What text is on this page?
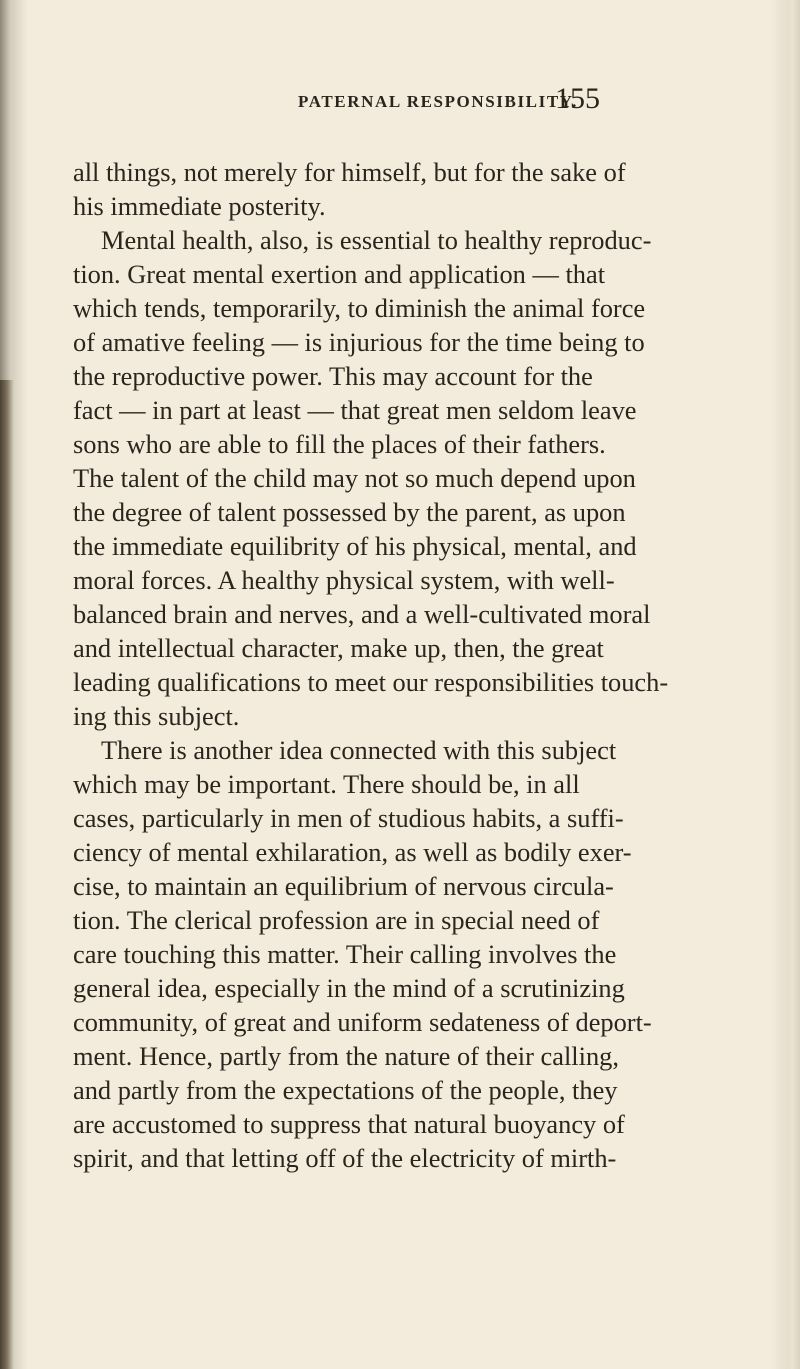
PATERNAL RESPONSIBILITY.
155
all things, not merely for himself, but for the sake of
his immediate posterity.
Mental health, also, is essential to healthy reproduc-
tion. Great mental exertion and application — that
which tends, temporarily, to diminish the animal force
of amative feeling — is injurious for the time being to
the reproductive power. This may account for the
fact — in part at least — that great men seldom leave
sons who are able to fill the places of their fathers.
The talent of the child may not so much depend upon
the degree of talent possessed by the parent, as upon
the immediate equilibrity of his physical, mental, and
moral forces. A healthy physical system, with well-
balanced brain and nerves, and a well-cultivated moral
and intellectual character, make up, then, the great
leading qualifications to meet our responsibilities touch-
ing this subject.
There is another idea connected with this subject
which may be important. There should be, in all
cases, particularly in men of studious habits, a suffi-
ciency of mental exhilaration, as well as bodily exer-
cise, to maintain an equilibrium of nervous circula-
tion. The clerical profession are in special need of
care touching this matter. Their calling involves the
general idea, especially in the mind of a scrutinizing
community, of great and uniform sedateness of deport-
ment. Hence, partly from the nature of their calling,
and partly from the expectations of the people, they
are accustomed to suppress that natural buoyancy of
spirit, and that letting off of the electricity of mirth-
